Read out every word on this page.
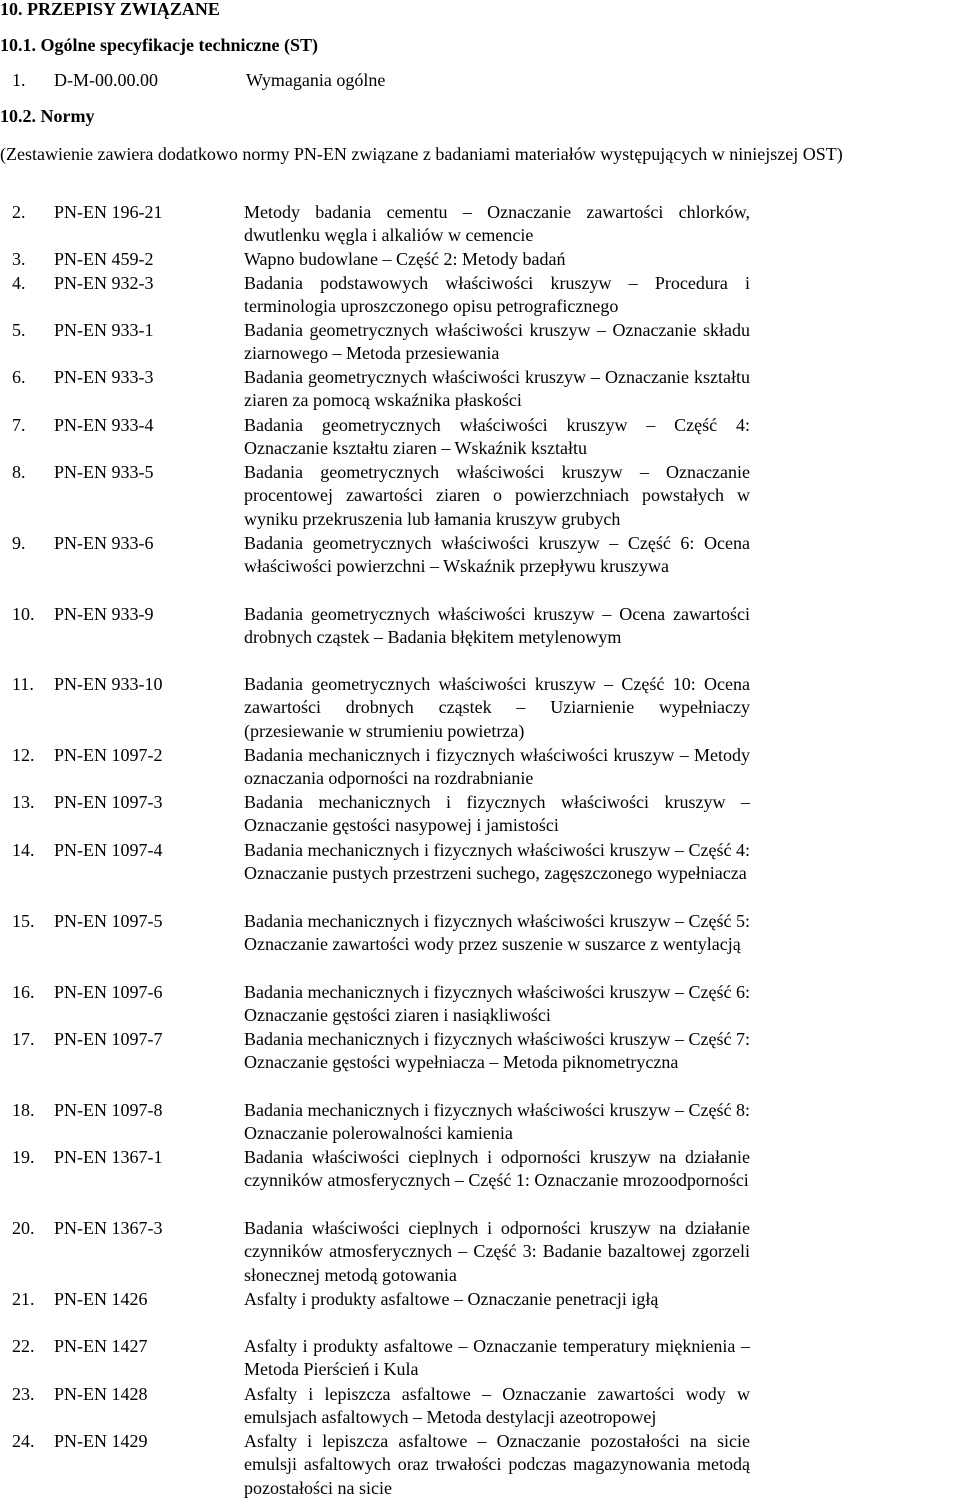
10. PRZEPISY ZWIĄZANE
10.1. Ogólne specyfikacje techniczne (ST)
1. D-M-00.00.00	Wymagania ogólne
10.2. Normy
(Zestawienie zawiera dodatkowo normy PN-EN związane z badaniami materiałów występujących w niniejszej OST)
2. PN-EN 196-21	Metody badania cementu – Oznaczanie zawartości chlorków, dwutlenku węgla i alkaliów w cemencie
3. PN-EN 459-2	Wapno budowlane – Część 2: Metody badań
4. PN-EN 932-3	Badania podstawowych właściwości kruszyw – Procedura i terminologia uproszczonego opisu petrograficznego
5. PN-EN 933-1	Badania geometrycznych właściwości kruszyw – Oznaczanie składu ziarnowego – Metoda przesiewania
6. PN-EN 933-3	Badania geometrycznych właściwości kruszyw – Oznaczanie kształtu ziaren za pomocą wskaźnika płaskości
7. PN-EN 933-4	Badania geometrycznych właściwości kruszyw – Część 4: Oznaczanie kształtu ziaren – Wskaźnik kształtu
8. PN-EN 933-5	Badania geometrycznych właściwości kruszyw – Oznaczanie procentowej zawartości ziaren o powierzchniach powstałych w wyniku przekruszenia lub łamania kruszyw grubych
9. PN-EN 933-6	Badania geometrycznych właściwości kruszyw – Część 6: Ocena właściwości powierzchni – Wskaźnik przepływu kruszywa
10. PN-EN 933-9	Badania geometrycznych właściwości kruszyw – Ocena zawartości drobnych cząstek – Badania błękitem metylenowym
11. PN-EN 933-10	Badania geometrycznych właściwości kruszyw – Część 10: Ocena zawartości drobnych cząstek – Uziarnienie wypełniaczy (przesiewanie w strumieniu powietrza)
12. PN-EN 1097-2	Badania mechanicznych i fizycznych właściwości kruszyw – Metody oznaczania odporności na rozdrabnianie
13. PN-EN 1097-3	Badania mechanicznych i fizycznych właściwości kruszyw – Oznaczanie gęstości nasypowej i jamistości
14. PN-EN 1097-4	Badania mechanicznych i fizycznych właściwości kruszyw – Część 4: Oznaczanie pustych przestrzeni suchego, zagęszczonego wypełniacza
15. PN-EN 1097-5	Badania mechanicznych i fizycznych właściwości kruszyw – Część 5: Oznaczanie zawartości wody przez suszenie w suszarce z wentylacją
16. PN-EN 1097-6	Badania mechanicznych i fizycznych właściwości kruszyw – Część 6: Oznaczanie gęstości ziaren i nasiąkliwości
17. PN-EN 1097-7	Badania mechanicznych i fizycznych właściwości kruszyw – Część 7: Oznaczanie gęstości wypełniacza – Metoda piknometryczna
18. PN-EN 1097-8	Badania mechanicznych i fizycznych właściwości kruszyw – Część 8: Oznaczanie polerowalności kamienia
19. PN-EN 1367-1	Badania właściwości cieplnych i odporności kruszyw na działanie czynników atmosferycznych – Część 1: Oznaczanie mrozoodporności
20. PN-EN 1367-3	Badania właściwości cieplnych i odporności kruszyw na działanie czynników atmosferycznych – Część 3: Badanie bazaltowej zgorzeli słonecznej metodą gotowania
21. PN-EN 1426	Asfalty i produkty asfaltowe – Oznaczanie penetracji igłą
22. PN-EN 1427	Asfalty i produkty asfaltowe – Oznaczanie temperatury mięknienia – Metoda Pierścień i Kula
23. PN-EN 1428	Asfalty i lepiszcza asfaltowe – Oznaczanie zawartości wody w emulsjach asfaltowych – Metoda destylacji azeotropowej
24. PN-EN 1429	Asfalty i lepiszcza asfaltowe – Oznaczanie pozostałości na sicie emulsji asfaltowych oraz trwałości podczas magazynowania metodą pozostałości na sicie
